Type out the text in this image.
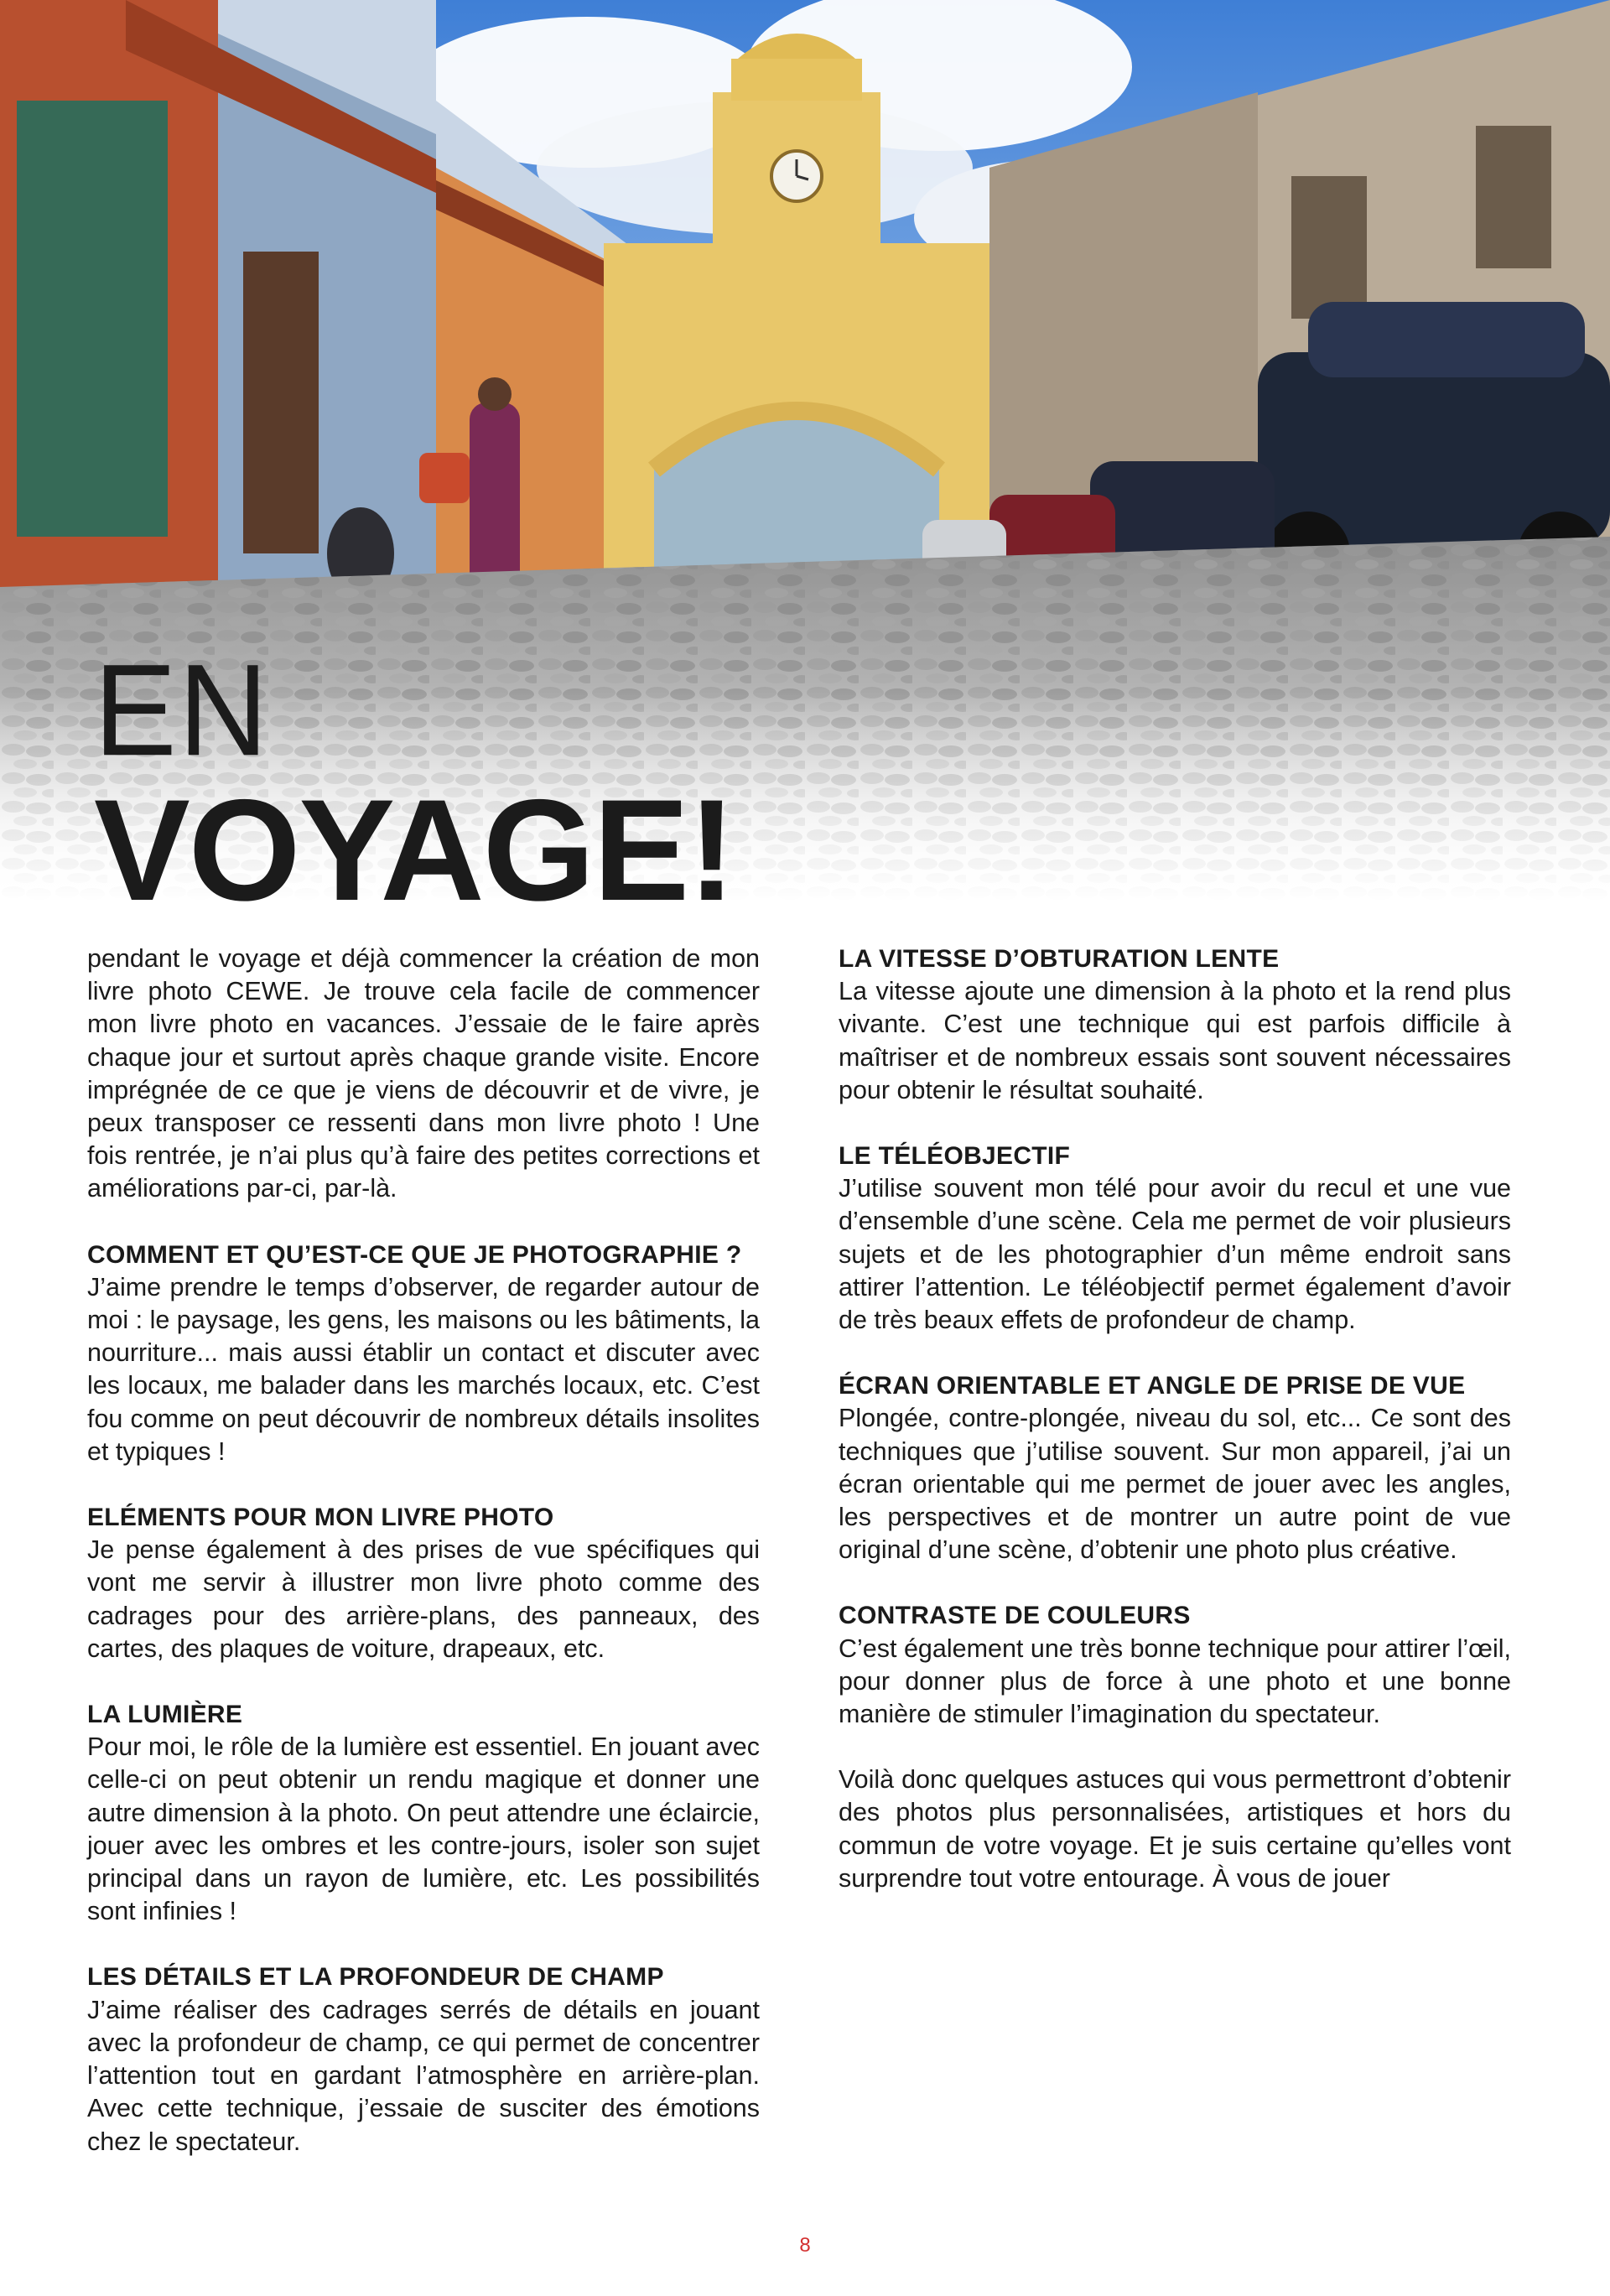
EN
VOYAGE!

pendant le voyage et déjà commencer la création de mon livre photo CEWE. Je trouve cela facile de commencer mon livre photo en vacances. J’essaie de le faire après chaque jour et surtout après chaque grande visite. Encore imprégnée de ce que je viens de découvrir et de vivre, je peux transposer ce ressenti dans mon livre photo ! Une fois rentrée, je n’ai plus qu’à faire des petites corrections et améliorations par-ci, par-là.

COMMENT ET QU’EST-CE QUE JE PHOTOGRAPHIE ?

J’aime prendre le temps d’observer, de regarder autour de moi : le paysage, les gens, les maisons ou les bâtiments, la nourriture... mais aussi établir un contact et discuter avec les locaux, me balader dans les marchés locaux, etc. C’est fou comme on peut découvrir de nombreux détails insolites et typiques !

ELÉMENTS POUR MON LIVRE PHOTO

Je pense également à des prises de vue spécifiques qui vont me servir à illustrer mon livre photo comme des cadrages pour des arrière-plans, des panneaux, des cartes, des plaques de voiture, drapeaux, etc.

LA LUMIÈRE

Pour moi, le rôle de la lumière est essentiel. En jouant avec celle-ci on peut obtenir un rendu magique et donner une autre dimension à la photo. On peut attendre une éclaircie, jouer avec les ombres et les contre-jours, isoler son sujet principal dans un rayon de lumière, etc. Les possibilités sont infinies !

LES DÉTAILS ET LA PROFONDEUR DE CHAMP

J’aime réaliser des cadrages serrés de détails en jouant avec la profondeur de champ, ce qui permet de concentrer l’attention tout en gardant l’atmosphère en arrière-plan. Avec cette technique, j’essaie de susciter des émotions chez le spectateur.

LA VITESSE D’OBTURATION LENTE

La vitesse ajoute une dimension à la photo et la rend plus vivante. C’est une technique qui est parfois difficile à maîtriser et de nombreux essais sont souvent nécessaires pour obtenir le résultat souhaité.

LE TÉLÉOBJECTIF

J’utilise souvent mon télé pour avoir du recul et une vue d’ensemble d’une scène. Cela me permet de voir plusieurs sujets et de les photographier d’un même endroit sans attirer l’attention. Le téléobjectif permet également d’avoir de très beaux effets de profondeur de champ.

ÉCRAN ORIENTABLE ET ANGLE DE PRISE DE VUE

Plongée, contre-plongée, niveau du sol, etc... Ce sont des techniques que j’utilise souvent. Sur mon appareil, j’ai un écran orientable qui me permet de jouer avec les angles, les perspectives et de montrer un autre point de vue original d’une scène, d’obtenir une photo plus créative.

CONTRASTE DE COULEURS

C’est également une très bonne technique pour attirer l’œil, pour donner plus de force à une photo et une bonne manière de stimuler l’imagination du spectateur.

Voilà donc quelques astuces qui vous permettront d’obtenir des photos plus personnalisées, artistiques et hors du commun de votre voyage. Et je suis certaine qu’elles vont surprendre tout votre entourage. À vous de jouer

8
